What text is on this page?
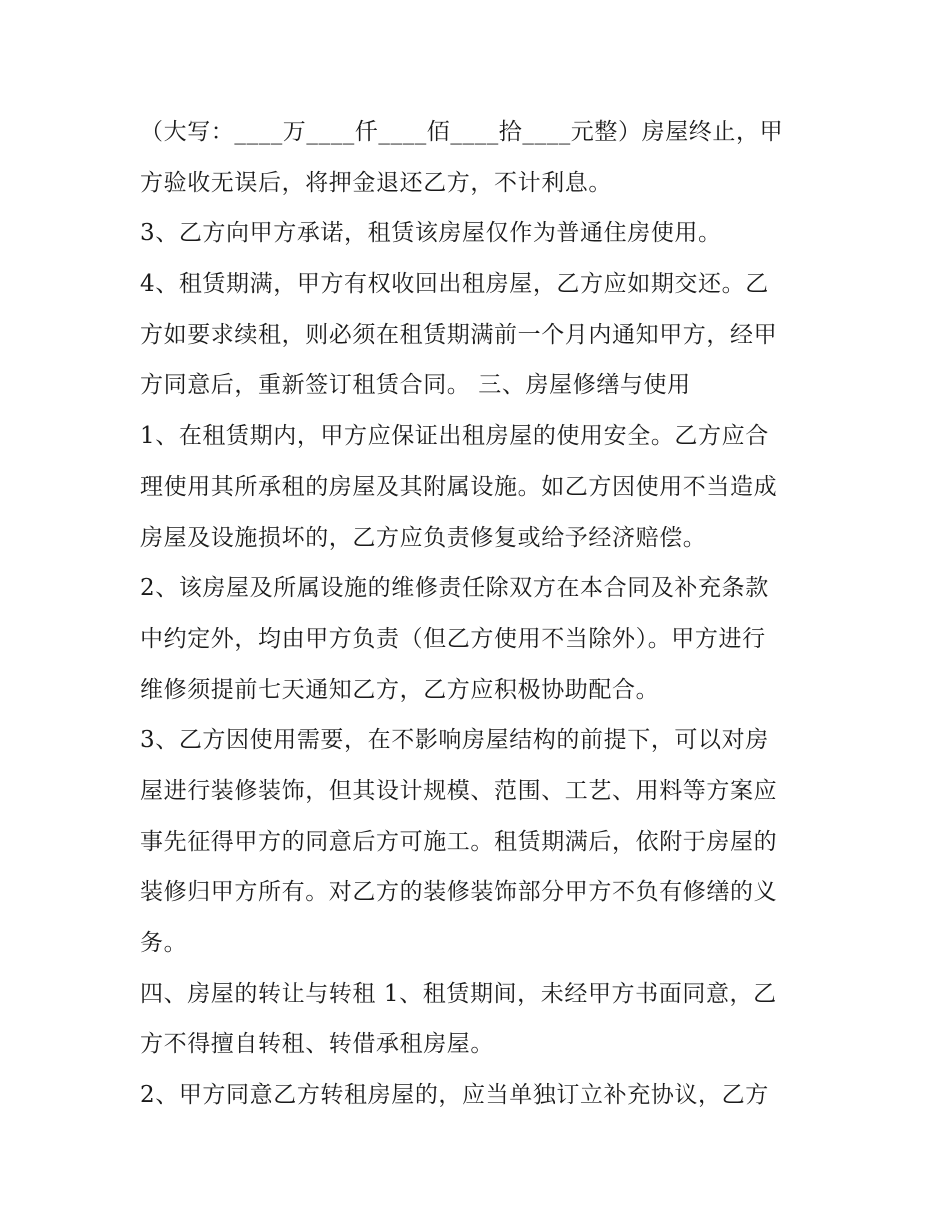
（大写：____万____仟____佰____拾____元整）房屋终止，甲
方验收无误后，将押金退还乙方，不计利息。
3、乙方向甲方承诺，租赁该房屋仅作为普通住房使用。
4、租赁期满，甲方有权收回出租房屋，乙方应如期交还。乙
方如要求续租，则必须在租赁期满前一个月内通知甲方，经甲
方同意后，重新签订租赁合同。 三、房屋修缮与使用
1、在租赁期内，甲方应保证出租房屋的使用安全。乙方应合
理使用其所承租的房屋及其附属设施。如乙方因使用不当造成
房屋及设施损坏的，乙方应负责修复或给予经济赔偿。
2、该房屋及所属设施的维修责任除双方在本合同及补充条款
中约定外，均由甲方负责（但乙方使用不当除外）。甲方进行
维修须提前七天通知乙方，乙方应积极协助配合。
3、乙方因使用需要，在不影响房屋结构的前提下，可以对房
屋进行装修装饰，但其设计规模、范围、工艺、用料等方案应
事先征得甲方的同意后方可施工。租赁期满后，依附于房屋的
装修归甲方所有。对乙方的装修装饰部分甲方不负有修缮的义
务。
四、房屋的转让与转租 1、租赁期间，未经甲方书面同意，乙
方不得擅自转租、转借承租房屋。
2、甲方同意乙方转租房屋的，应当单独订立补充协议，乙方
